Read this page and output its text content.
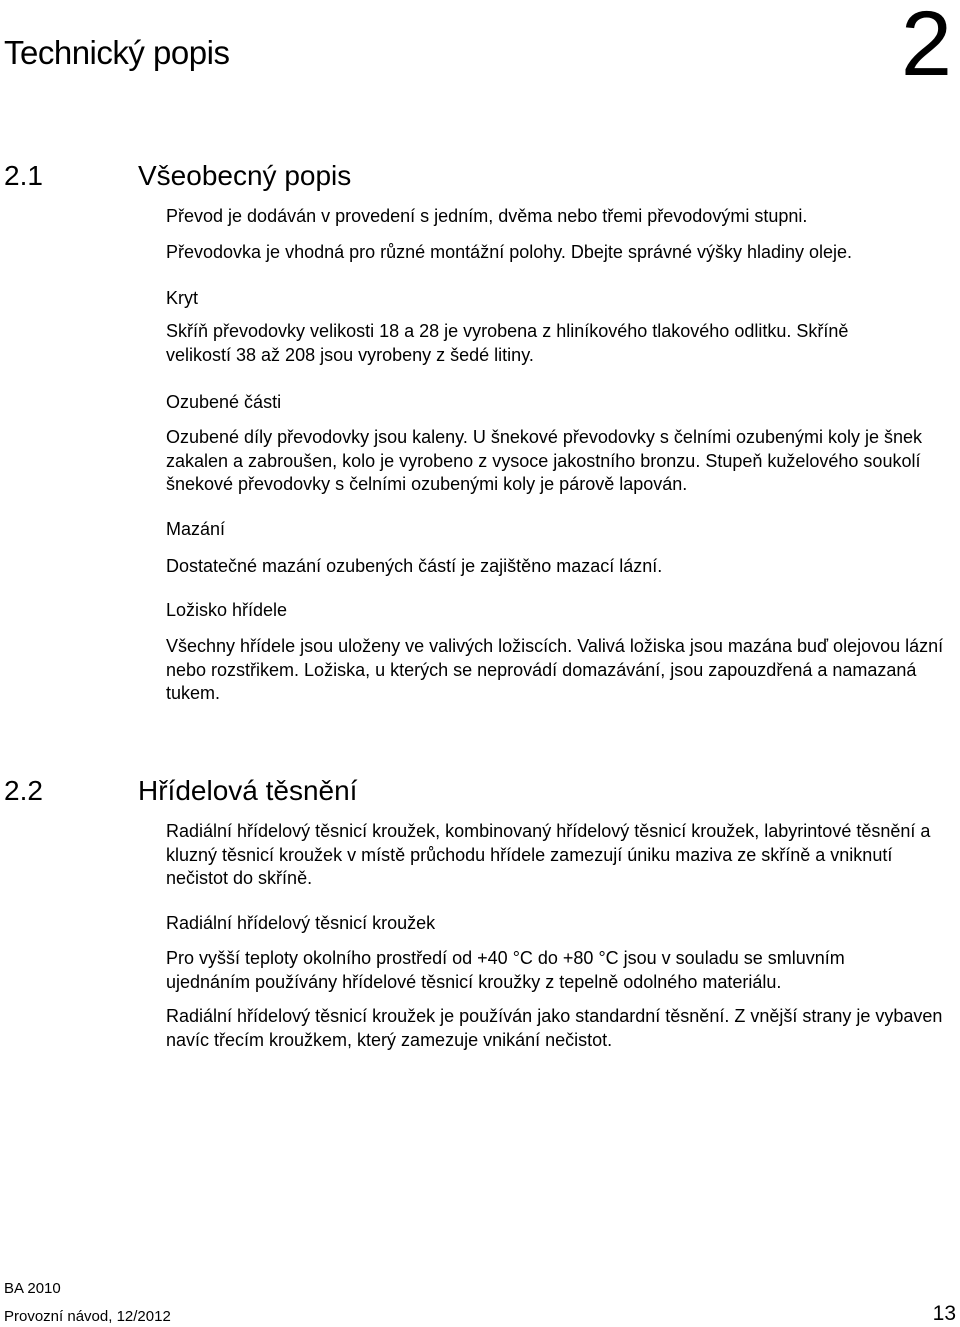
Technický popis	2
2.1	Všeobecný popis
Převod je dodáván v provedení s jedním, dvěma nebo třemi převodovými stupni.
Převodovka je vhodná pro různé montážní polohy. Dbejte správné výšky hladiny oleje.
Kryt
Skříň převodovky velikosti 18 a 28 je vyrobena z hliníkového tlakového odlitku. Skříně velikostí 38 až 208 jsou vyrobeny z šedé litiny.
Ozubené části
Ozubené díly převodovky jsou kaleny. U šnekové převodovky s čelními ozubenými koly je šnek zakalen a zabroušen, kolo je vyrobeno z vysoce jakostního bronzu. Stupeň kuželového soukolí šnekové převodovky s čelními ozubenými koly je párově lapován.
Mazání
Dostatečné mazání ozubených částí je zajištěno mazací lázní.
Ložisko hřídele
Všechny hřídele jsou uloženy ve valivých ložiscích. Valivá ložiska jsou mazána buď olejovou lázní nebo rozstřikem. Ložiska, u kterých se neprovádí domazávání, jsou zapouzdřená a namazaná tukem.
2.2	Hřídelová těsnění
Radiální hřídelový těsnicí kroužek, kombinovaný hřídelový těsnicí kroužek, labyrintové těsnění a kluzný těsnicí kroužek v místě průchodu hřídele zamezují úniku maziva ze skříně a vniknutí nečistot do skříně.
Radiální hřídelový těsnicí kroužek
Pro vyšší teploty okolního prostředí od +40 °C do +80 °C jsou v souladu se smluvním ujednáním používány hřídelové těsnicí kroužky z tepelně odolného materiálu.
Radiální hřídelový těsnicí kroužek je používán jako standardní těsnění. Z vnější strany je vybaven navíc třecím kroužkem, který zamezuje vnikání nečistot.
BA 2010
Provozní návod, 12/2012	13
